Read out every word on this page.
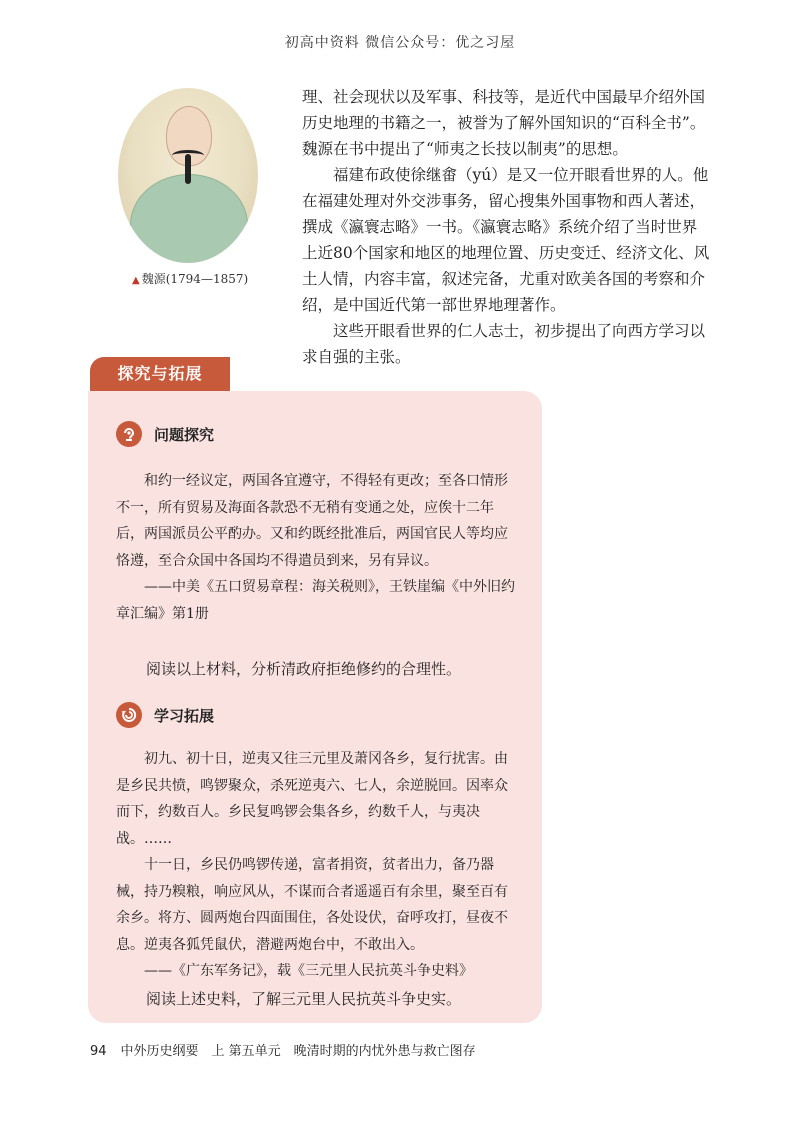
初高中资料 微信公众号：优之习屋
▲ 魏源(1794—1857)

理、社会现状以及军事、科技等，是近代中国最早介绍外国历史地理的书籍之一，被誉为了解外国知识的“百科全书”。魏源在书中提出了“师夷之长技以制夷”的思想。

福建布政使徐继畬（yú）是又一位开眼看世界的人。他在福建处理对外交涉事务，留心搜集外国事物和西人著述，撰成《瀛寰志略》一书。《瀛寰志略》系统介绍了当时世界上近80个国家和地区的地理位置、历史变迁、经济文化、风土人情，内容丰富，叙述完备，尤重对欧美各国的考察和介绍，是中国近代第一部世界地理著作。

这些开眼看世界的仁人志士，初步提出了向西方学习以求自强的主张。

探究与拓展
问题探究

和约一经议定，两国各宜遵守，不得轻有更改；至各口情形不一，所有贸易及海面各款恐不无稍有变通之处，应俟十二年后，两国派员公平酌办。又和约既经批准后，两国官民人等均应恪遵，至合众国中各国均不得遣员到来，另有异议。

——中美《五口贸易章程：海关税则》，王铁崖编《中外旧约章汇编》第1册

阅读以上材料，分析清政府拒绝修约的合理性。
学习拓展

初九、初十日，逆夷又往三元里及萧冈各乡，复行扰害。由是乡民共愤，鸣锣聚众，杀死逆夷六、七人，余逆脱回。因率众而下，约数百人。乡民复鸣锣会集各乡，约数千人，与夷决战。……

十一日，乡民仍鸣锣传递，富者捐资，贫者出力，备乃器械，持乃糗粮，响应风从，不谋而合者遥遥百有余里，聚至百有余乡。将方、圆两炮台四面围住，各处设伏，奋呼攻打，昼夜不息。逆夷各狐凭鼠伏，潜避两炮台中，不敢出入。

——《广东军务记》，载《三元里人民抗英斗争史料》

阅读上述史料，了解三元里人民抗英斗争史实。
94 中外历史纲要　上 第五单元　晚清时期的内忧外患与救亡图存
